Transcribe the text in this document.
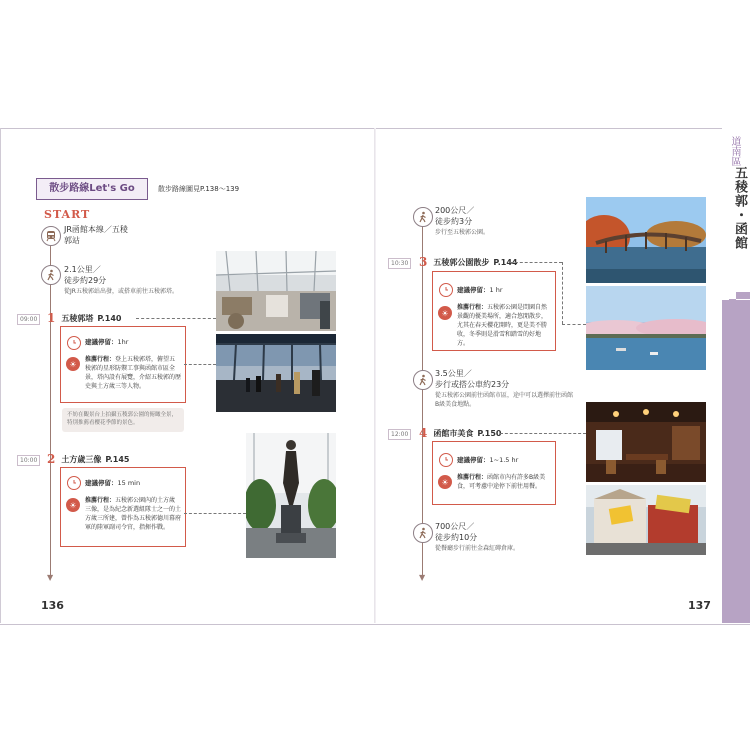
道南區
五稜郭・函館
散步路線Let's Go	散步路線圖見P.138～139
START
▼
JR函館本線／五稜郭站
2.1公里／
徒步約29分
從JR五稜郭站出發，或搭車前往五稜郭塔。
09:00 1 五稜郭塔 P.140
建議停留：1hr
☀	推薦行程：登上五稜郭塔，俯望五稜郭的星形防禦工事與函館市區全景，塔內設有展覽，介紹五稜郭的歷史與土方歲三等人物。
不妨在觀景台上拍攝五稜郭公園的俯瞰全景，特別推薦看櫻花季節的景色。
10:00 2 土方歲三像 P.145
建議停留：15 min
☀	推薦行程：五稜郭公園內的土方歲三像，是為紀念新選組隊士之一的土方歲三所建，曾作為五稜郭德川幕府軍的陸軍副司令官，指揮作戰。
136
▼
200公尺／
徒步約3分
步行至五稜郭公園。
10:30 3 五稜郭公園散步 P.144
建議停留：1 hr
☀
推薦行程：五稜郭公園是問園自然景觀的優美場所，適合悠閒散步，尤其在春天櫻花開時，更是美不勝收，冬季則是滑雪和踏雪的好地方。
3.5公里／
步行或搭公車約23分
從五稜郭公園前往函館市區，途中可以選擇前往函館B級美食地點。
12:00 4 函館市美食 P.150
建議停留：1~1.5 hr
☀	推薦行程：函館市內有許多B級美食，可考慮中途停下前往用餐。
700公尺／
徒步約10分
從餐廳步行前往金森紅磚倉庫。
137
